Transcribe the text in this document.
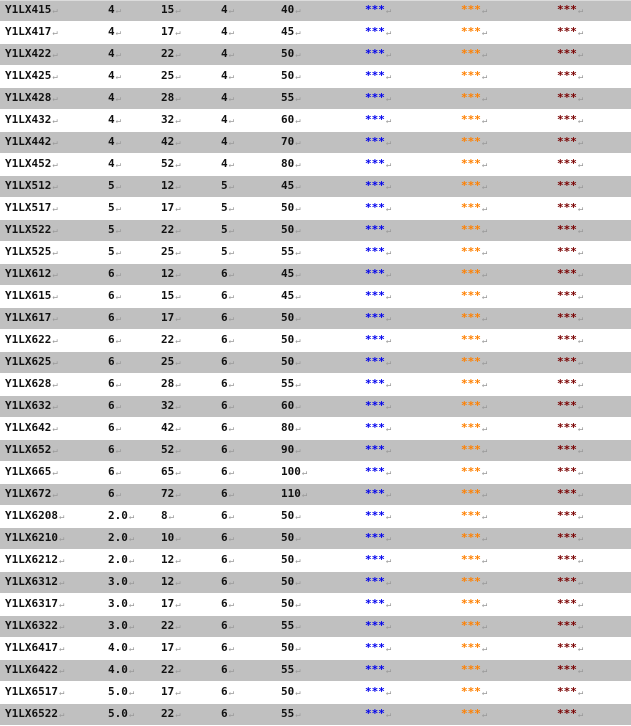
Y1LX415↵	4↵	15↵	4↵	40↵	***↵	***↵	***↵
Y1LX417↵	4↵	17↵	4↵	45↵	***↵	***↵	***↵
Y1LX422↵	4↵	22↵	4↵	50↵	***↵	***↵	***↵
Y1LX425↵	4↵	25↵	4↵	50↵	***↵	***↵	***↵
Y1LX428↵	4↵	28↵	4↵	55↵	***↵	***↵	***↵
Y1LX432↵	4↵	32↵	4↵	60↵	***↵	***↵	***↵
Y1LX442↵	4↵	42↵	4↵	70↵	***↵	***↵	***↵
Y1LX452↵	4↵	52↵	4↵	80↵	***↵	***↵	***↵
Y1LX512↵	5↵	12↵	5↵	45↵	***↵	***↵	***↵
Y1LX517↵	5↵	17↵	5↵	50↵	***↵	***↵	***↵
Y1LX522↵	5↵	22↵	5↵	50↵	***↵	***↵	***↵
Y1LX525↵	5↵	25↵	5↵	55↵	***↵	***↵	***↵
Y1LX612↵	6↵	12↵	6↵	45↵	***↵	***↵	***↵
Y1LX615↵	6↵	15↵	6↵	45↵	***↵	***↵	***↵
Y1LX617↵	6↵	17↵	6↵	50↵	***↵	***↵	***↵
Y1LX622↵	6↵	22↵	6↵	50↵	***↵	***↵	***↵
Y1LX625↵	6↵	25↵	6↵	50↵	***↵	***↵	***↵
Y1LX628↵	6↵	28↵	6↵	55↵	***↵	***↵	***↵
Y1LX632↵	6↵	32↵	6↵	60↵	***↵	***↵	***↵
Y1LX642↵	6↵	42↵	6↵	80↵	***↵	***↵	***↵
Y1LX652↵	6↵	52↵	6↵	90↵	***↵	***↵	***↵
Y1LX665↵	6↵	65↵	6↵	100↵	***↵	***↵	***↵
Y1LX672↵	6↵	72↵	6↵	110↵	***↵	***↵	***↵
Y1LX6208↵	2.0↵	8↵	6↵	50↵	***↵	***↵	***↵
Y1LX6210↵	2.0↵	10↵	6↵	50↵	***↵	***↵	***↵
Y1LX6212↵	2.0↵	12↵	6↵	50↵	***↵	***↵	***↵
Y1LX6312↵	3.0↵	12↵	6↵	50↵	***↵	***↵	***↵
Y1LX6317↵	3.0↵	17↵	6↵	50↵	***↵	***↵	***↵
Y1LX6322↵	3.0↵	22↵	6↵	55↵	***↵	***↵	***↵
Y1LX6417↵	4.0↵	17↵	6↵	50↵	***↵	***↵	***↵
Y1LX6422↵	4.0↵	22↵	6↵	55↵	***↵	***↵	***↵
Y1LX6517↵	5.0↵	17↵	6↵	50↵	***↵	***↵	***↵
Y1LX6522↵	5.0↵	22↵	6↵	55↵	***↵	***↵	***↵
